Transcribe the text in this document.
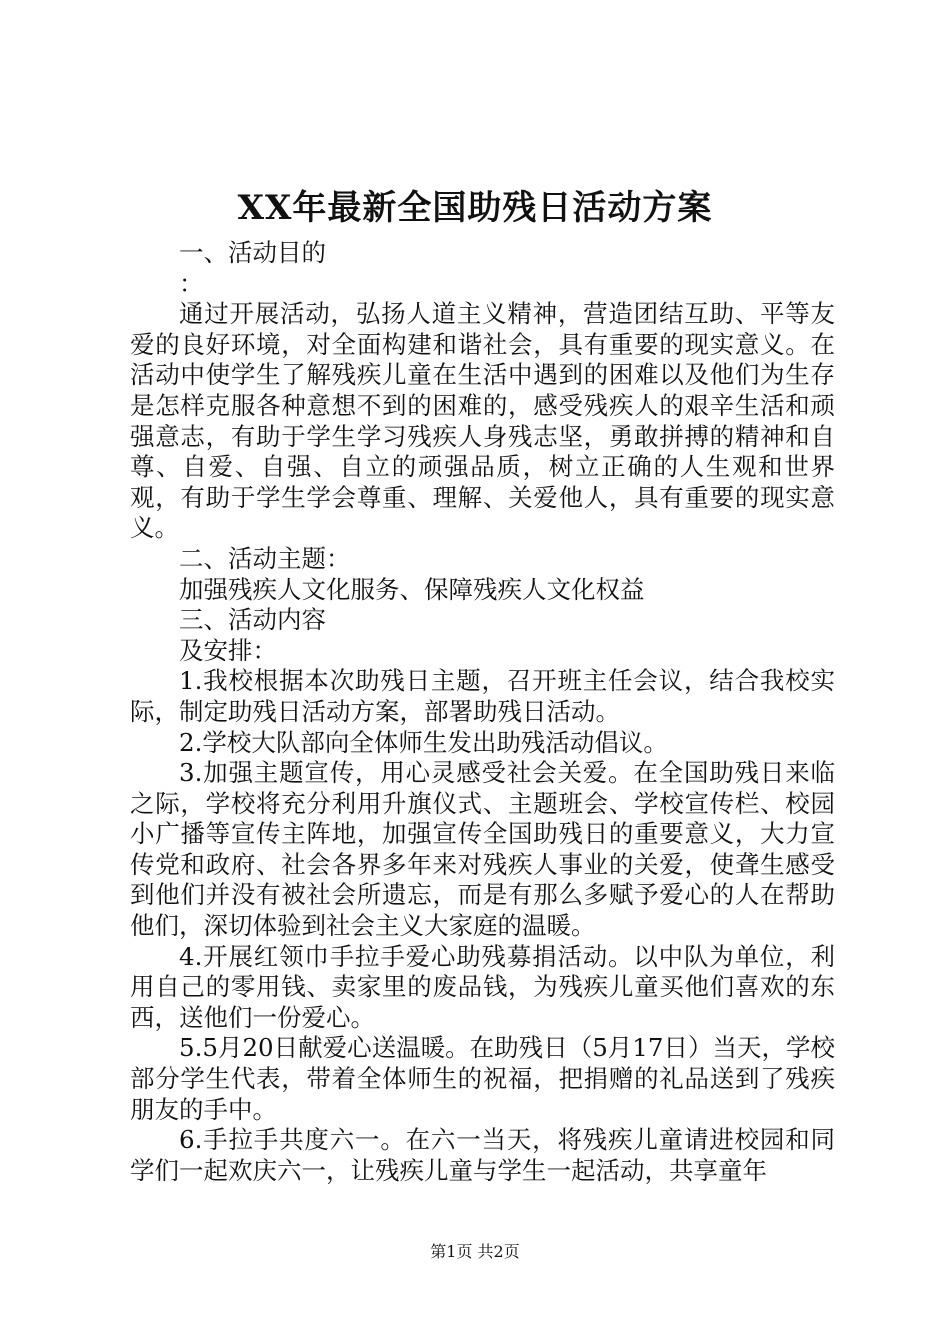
XX年最新全国助残日活动方案

一、活动目的

：

通过开展活动，弘扬人道主义精神，营造团结互助、平等友爱的良好环境，对全面构建和谐社会，具有重要的现实意义。在活动中使学生了解残疾儿童在生活中遇到的困难以及他们为生存是怎样克服各种意想不到的困难的，感受残疾人的艰辛生活和顽强意志，有助于学生学习残疾人身残志坚，勇敢拼搏的精神和自尊、自爱、自强、自立的顽强品质，树立正确的人生观和世界观，有助于学生学会尊重、理解、关爱他人，具有重要的现实意义。

二、活动主题：

加强残疾人文化服务、保障残疾人文化权益

三、活动内容

及安排：

1.我校根据本次助残日主题，召开班主任会议，结合我校实际，制定助残日活动方案，部署助残日活动。

2.学校大队部向全体师生发出助残活动倡议。

3.加强主题宣传，用心灵感受社会关爱。在全国助残日来临之际，学校将充分利用升旗仪式、主题班会、学校宣传栏、校园小广播等宣传主阵地，加强宣传全国助残日的重要意义，大力宣传党和政府、社会各界多年来对残疾人事业的关爱，使聋生感受到他们并没有被社会所遗忘，而是有那么多赋予爱心的人在帮助他们，深切体验到社会主义大家庭的温暖。

4.开展红领巾手拉手爱心助残募捐活动。以中队为单位，利用自己的零用钱、卖家里的废品钱，为残疾儿童买他们喜欢的东西，送他们一份爱心。

5.5月20日献爱心送温暖。在助残日（5月17日）当天，学校部分学生代表，带着全体师生的祝福，把捐赠的礼品送到了残疾朋友的手中。

6.手拉手共度六一。在六一当天，将残疾儿童请进校园和同学们一起欢庆六一，让残疾儿童与学生一起活动，共享童年

第1页 共2页
